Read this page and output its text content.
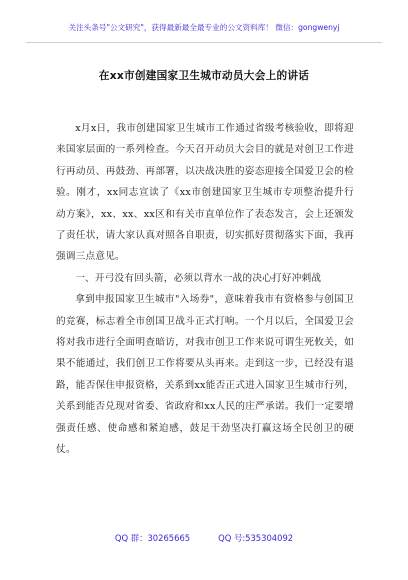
关注头条号"公文研究"，获得最新最全最专业的公文资料库！ 微信：gongwenyj
在xx市创建国家卫生城市动员大会上的讲话

x月x日，我市创建国家卫生城市工作通过省级考核验收，即将迎来国家层面的一系列检查。今天召开动员大会目的就是对创卫工作进行再动员、再鼓劲、再部署，以决战决胜的姿态迎接全国爱卫会的检验。刚才，xx同志宣读了《xx市创建国家卫生城市专项整治提升行动方案》，xx、xx、xx区和有关市直单位作了表态发言，会上还颁发了责任状，请大家认真对照各自职责，切实抓好贯彻落实下面，我再强调三点意见。

一、开弓没有回头箭，必须以背水一战的决心打好冲刺战

拿到申报国家卫生城市"入场券"，意味着我市有资格参与创国卫的竞赛，标志着全市创国卫战斗正式打响。一个月以后，全国爱卫会将对我市进行全面明查暗访，对我市创卫工作来说可谓生死攸关，如果不能通过，我们创卫工作将要从头再来。走到这一步，已经没有退路，能否保住申报资格，关系到xx能否正式进入国家卫生城市行列，关系到能否兑现对省委、省政府和xx人民的庄严承诺。我们一定要增强责任感、使命感和紧迫感，鼓足干劲坚决打赢这场全民创卫的硬仗。

QQ 群：30265665	QQ 号:535304092
